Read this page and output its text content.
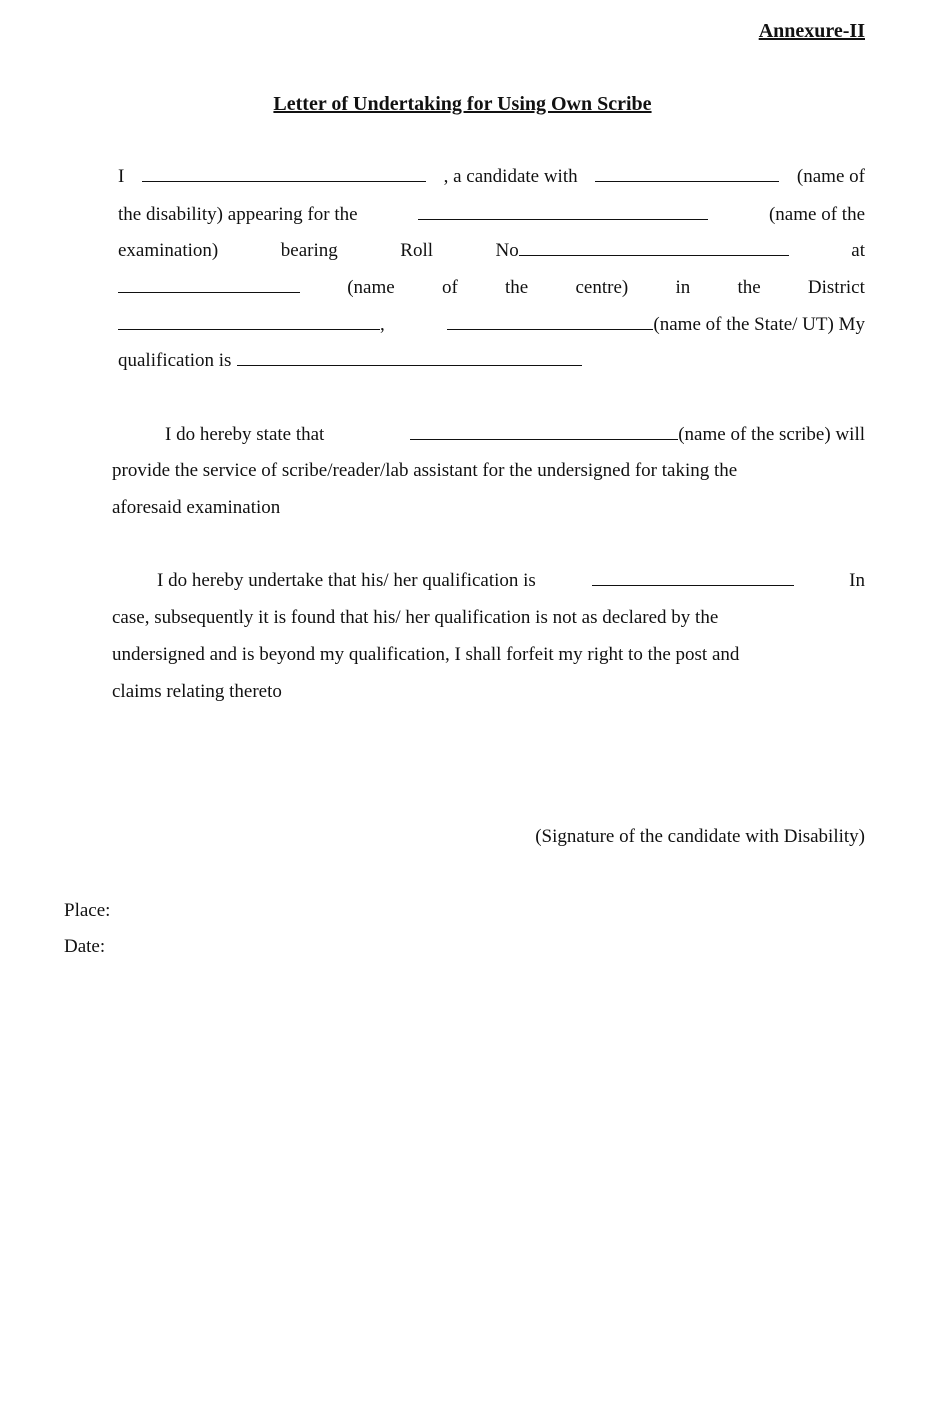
Annexure-II
Letter of Undertaking for Using Own Scribe
I	, a candidate with	(name of
the disability) appearing for the	(name of the
examination)	bearing	Roll	No	at
(name of the centre) in the District
,	(name of the State/ UT) My
qualification is
I do hereby state that	(name of the scribe) will
provide the service of scribe/reader/lab assistant for the undersigned for taking the
aforesaid examination
I do hereby undertake that his/ her qualification is	In
case, subsequently it is found that his/ her qualification is not as declared by the
undersigned and is beyond my qualification, I shall forfeit my right to the post and
claims relating thereto
(Signature of the candidate with Disability)
Place:
Date:
